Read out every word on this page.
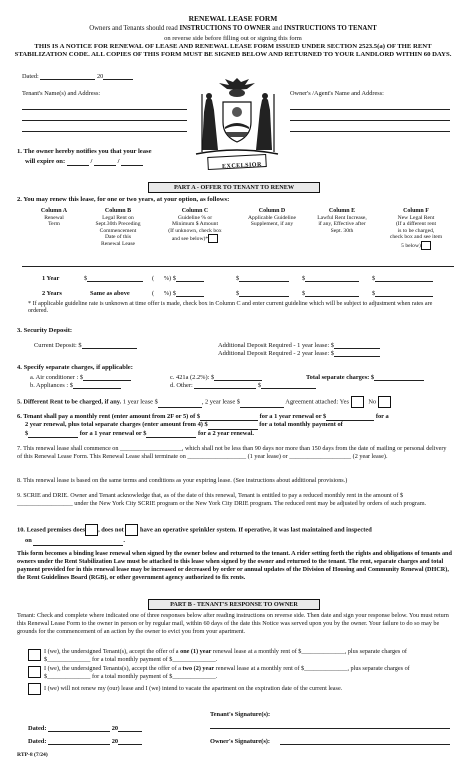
RENEWAL LEASE FORM
Owners and Tenants should read INSTRUCTIONS TO OWNER and INSTRUCTIONS TO TENANT
on reverse side before filling out or signing this form
THIS IS A NOTICE FOR RENEWAL OF LEASE AND RENEWAL LEASE FORM ISSUED UNDER SECTION 2523.5(a) OF THE RENT STABILIZATION CODE. ALL COPIES OF THIS FORM MUST BE SIGNED BELOW AND RETURNED TO YOUR LANDLORD WITHIN 60 DAYS.
Dated:	20
Tenant's Name(s) and Address:	Owner's /Agent's Name and Address:
EXCELSIOR
1. The owner hereby notifies you that your lease
will expire on:	/	/
PART A - OFFER TO TENANT TO RENEW
2. You may renew this lease, for one or two years, at your option, as follows:
Column A
Renewal
Term
Column B
Legal Rent on
Sept.30th Preceding
Commencement
Date of this
Renewal Lease
Column C
Guideline % or
Minimum $ Amount
(If unknown, check box
and see below)*
Column D
Applicable Guideline
Supplement, if any
Column E
Lawful Rent Increase,
if any, Effective after
Sept. 30th
Column F
New Legal Rent
(If a different rent
is to be charged,
check box and see item
5 below)
1 Year	$	(      %) $	$	$	$
2 Years	Same as above	(      %) $	$	$	$
* If applicable guideline rate is unknown at time offer is made, check box in Column C and enter current guideline which will be subject to adjustment when rates are ordered.
3. Security Deposit:
Current Deposit: $	Additional Deposit Required - 1 year lease: $
Additional Deposit Required - 2 year lease: $
4. Specify separate charges, if applicable:
a. Air conditioner : $
b. Appliances : $
c. 421a (2.2%): $
d. Other:	$
Total separate charges: $
5. Different Rent to be charged, if any. 1 year lease $	, 2 year lease $	Agreement attached: Yes	No
6. Tenant shall pay a monthly rent (enter amount from 2F or 5) of $	for a 1 year renewal or $	for a
2 year renewal, plus total separate charges (enter amount from 4) $	for a total monthly payment of
$	for a 1 year renewal or $	for a 2 year renewal.
7. This renewal lease shall commence on ____________________, which shall not be less than 90 days nor more than 150 days from the date of mailing or personal delivery of this Renewal Lease Form. This Renewal Lease shall terminate on ___________________ (1 year lease) or ____________________ (2 year lease).
8. This renewal lease is based on the same terms and conditions as your expiring lease. (See instructions about additional provisions.)
9. SCRIE and DRIE. Owner and Tenant acknowledge that, as of the date of this renewal, Tenant is entitled to pay a reduced monthly rent in the amount of $ __________________ under the New York City SCRIE program or the New York City DRIE program. The reduced rent may be adjusted by orders of such program.
10. Leased premises does , does not	have an operative sprinkler system. If operative, it was last maintained and inspected
on	.
This form becomes a binding lease renewal when signed by the owner below and returned to the tenant. A rider setting forth the rights and obligations of tenants and owners under the Rent Stabilization Law must be attached to this lease when signed by the owner and returned to the tenant. The rent, separate charges and total payment provided for in this renewal lease may be increased or decreased by order or annual updates of the Division of Housing and Community Renewal (DHCR), the Rent Guidelines Board (RGB), or other government agency authorized to fix rents.
PART B - TENANT'S RESPONSE TO OWNER
Tenant: Check and complete where indicated one of three responses below after reading instructions on reverse side. Then date and sign your response below. You must return this Renewal Lease Form to the owner in person or by regular mail, within 60 days of the date this Notice was served upon you by the owner. Your failure to do so may be grounds for the commencement of an action by the owner to evict you from your apartment.
I (we), the undersigned Tenant(s), accept the offer of a one (1) year renewal lease at a monthly rent of $______________, plus separate charges of $______________ for a total monthly payment of $______________.
I (we), the undersigned Tenants(s), accept the offer of a two (2) year renewal lease at a monthly rent of $______________, plus separate charges of $______________ for a total monthly payment of $______________.
I (we) will not renew my (our) lease and I (we) intend to vacate the apartment on the expiration date of the current lease.
Tenant's Signature(s):
Dated:	20
Dated:	20	Owner's Signature(s):
RTP-8 (7/24)
